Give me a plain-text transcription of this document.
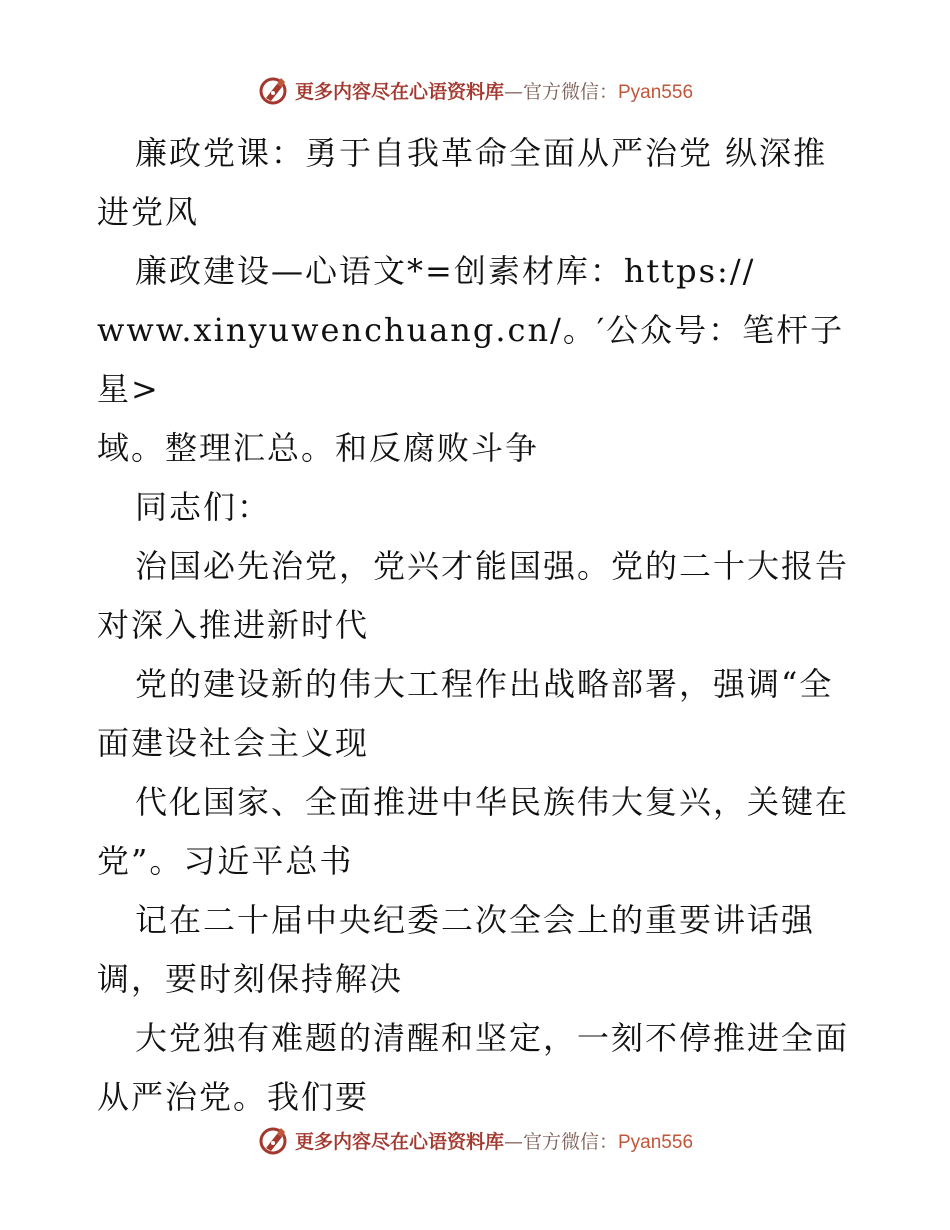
更多内容尽在心语资料库—官方微信：Pyan556

廉政党课：勇于自我革命全面从严治党 纵深推
进党风

廉政建设—心语文*=创素材库：https://
www.xinyuwenchuang.cn/。′公众号：笔杆子星>
域。整理汇总。和反腐败斗争

同志们：

治国必先治党，党兴才能国强。党的二十大报告
对深入推进新时代

党的建设新的伟大工程作出战略部署，强调“全
面建设社会主义现

代化国家、全面推进中华民族伟大复兴，关键在
党”。习近平总书

记在二十届中央纪委二次全会上的重要讲话强
调，要时刻保持解决

大党独有难题的清醒和坚定，一刻不停推进全面
从严治党。我们要

更多内容尽在心语资料库—官方微信：Pyan556
